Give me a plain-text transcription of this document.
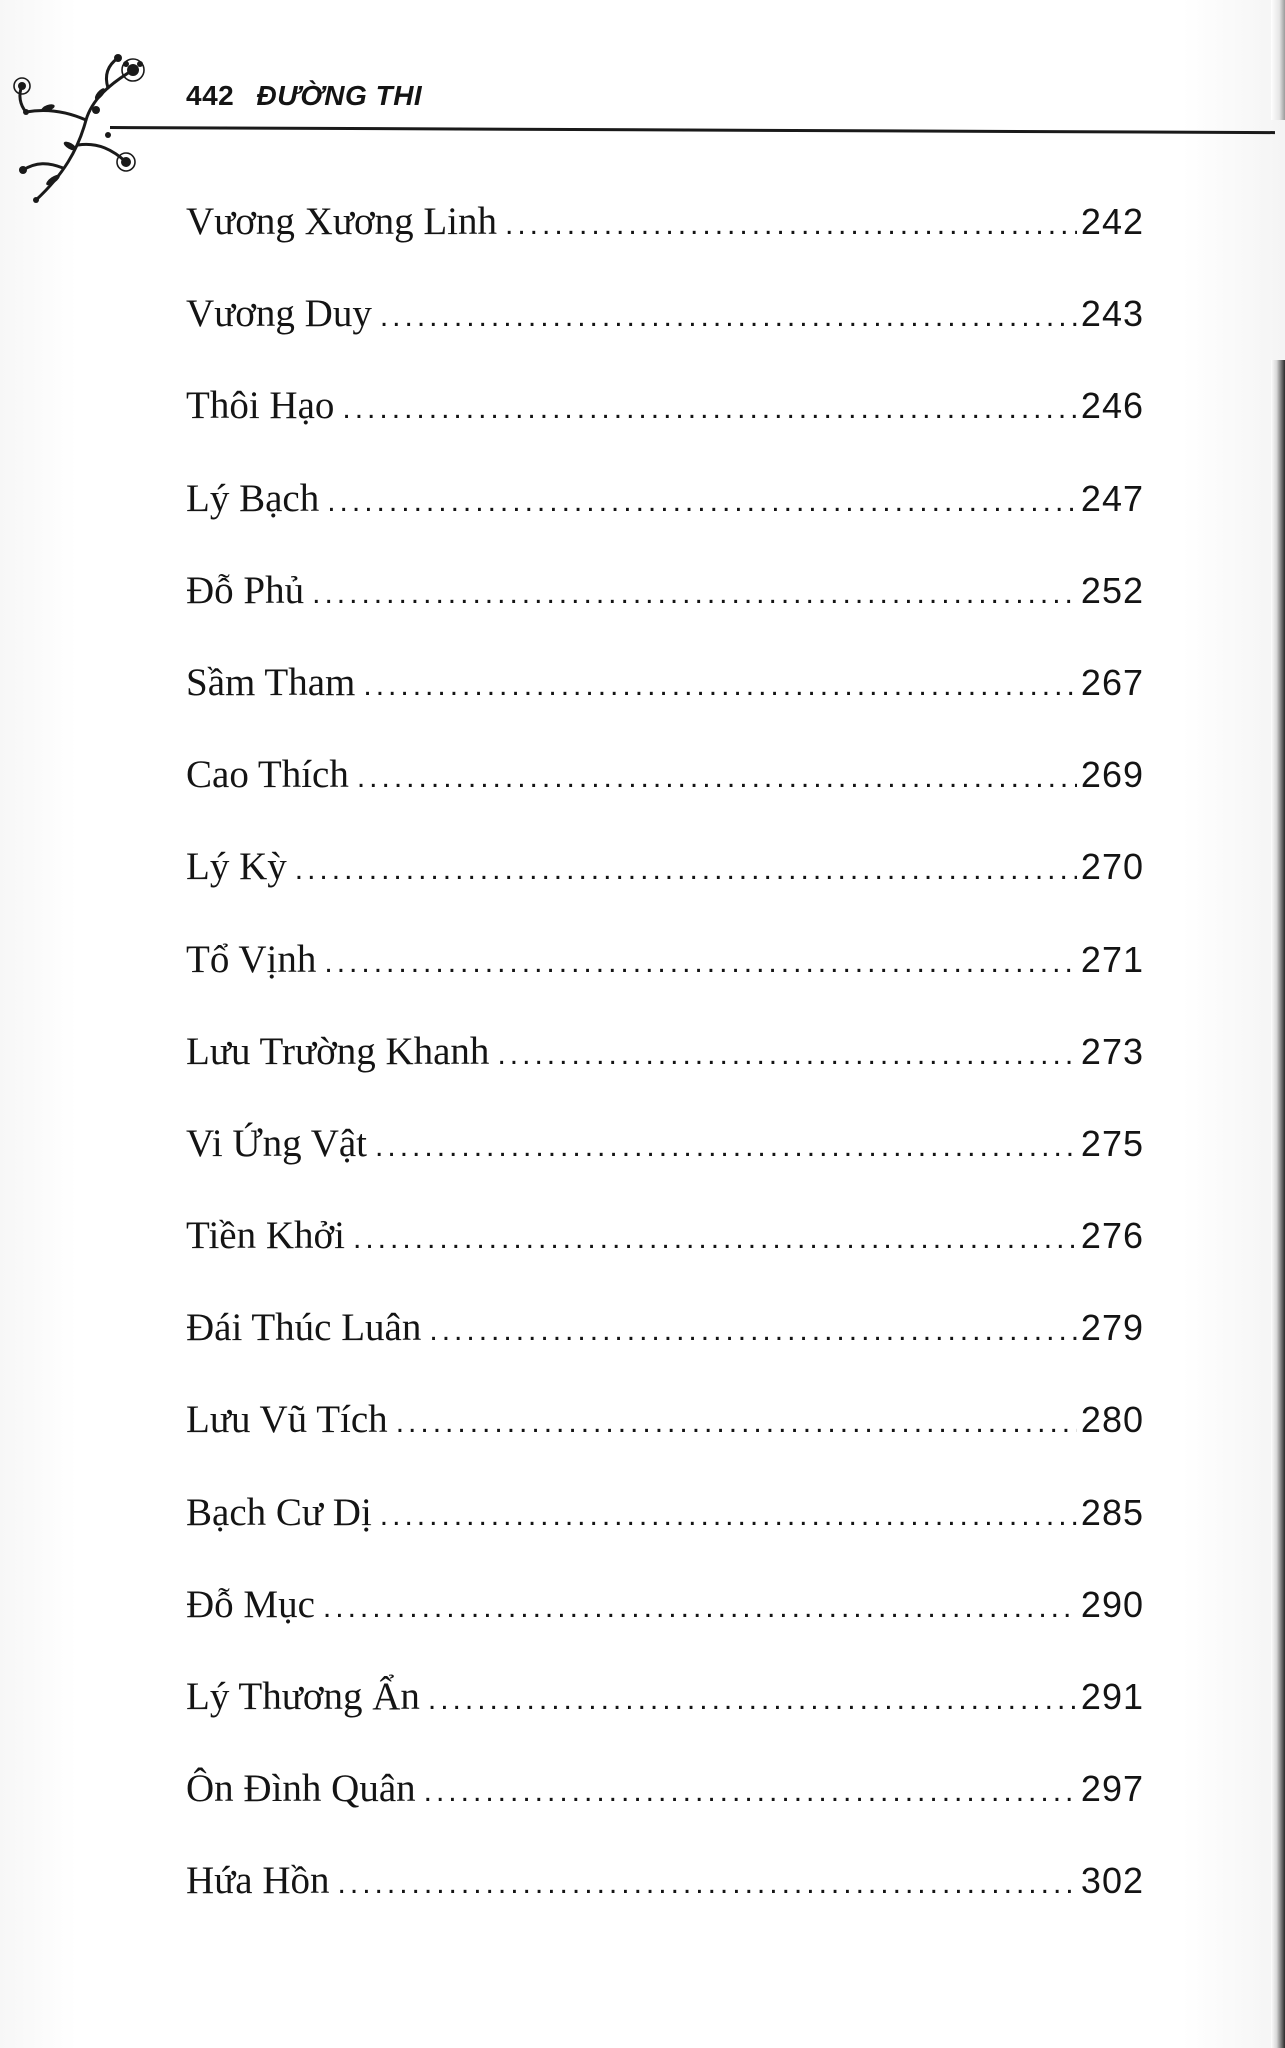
442 ĐƯỜNG THI
Vương Xương Linh .....	242
Vương Duy .....	243
Thôi Hạo .....	246
Lý Bạch .....	247
Đỗ Phủ .....	252
Sầm Tham .....	267
Cao Thích .....	269
Lý Kỳ .....	270
Tổ Vịnh .....	271
Lưu Trường Khanh .....	273
Vi Ứng Vật .....	275
Tiền Khởi .....	276
Đái Thúc Luân .....	279
Lưu Vũ Tích .....	280
Bạch Cư Dị .....	285
Đỗ Mục .....	290
Lý Thương Ẩn .....	291
Ôn Đình Quân .....	297
Hứa Hồn .....	302
